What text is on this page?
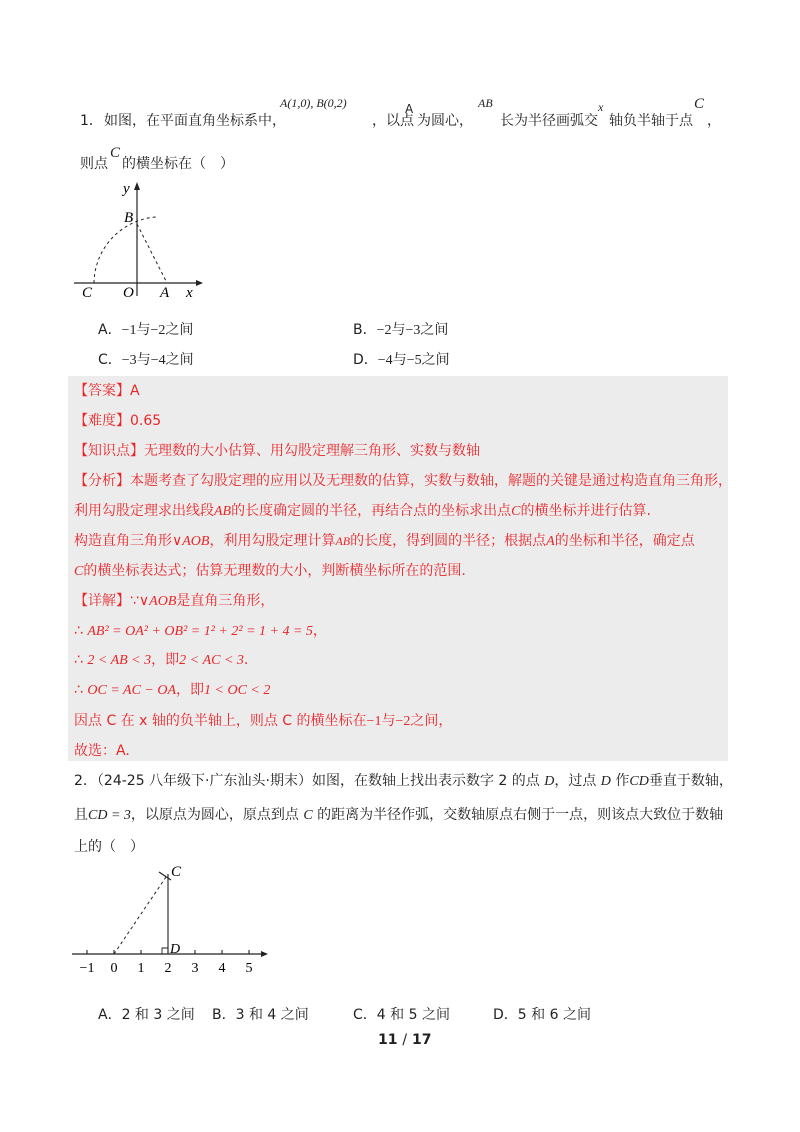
1． 如图，在平面直角坐标系中，
A(1,0), B(0,2)
，以点
A
为圆心，
AB
长为半径画弧交
x
轴负半轴于点
C
，
则点
C
的横坐标在（　）
y
B
C O A x
A．−1与−2之间	B．−2与−3之间
C．−3与−4之间	D．−4与−5之间
【答案】A
【难度】0.65
【知识点】无理数的大小估算、用勾股定理解三角形、实数与数轴
【分析】本题考查了勾股定理的应用以及无理数的估算，实数与数轴，解题的关键是通过构造直角三角形，
利用勾股定理求出线段AB的长度确定圆的半径，再结合点的坐标求出点C的横坐标并进行估算.
构造直角三角形∨AOB，利用勾股定理计算AB的长度，得到圆的半径；根据点A的坐标和半径，确定点
C的横坐标表达式；估算无理数的大小，判断横坐标所在的范围.
【详解】∵∨AOB是直角三角形，
∴ AB² = OA² + OB² = 1² + 2² = 1 + 4 = 5，
∴ 2 < AB < 3，即2 < AC < 3.
∴ OC = AC − OA，即1 < OC < 2
因点 C 在 x 轴的负半轴上，则点 C 的横坐标在−1与−2之间，
故选：A.
2．（24-25 八年级下·广东汕头·期末）如图，在数轴上找出表示数字 2 的点 D，过点 D 作CD垂直于数轴，
且CD = 3，以原点为圆心，原点到点 C 的距离为半径作弧，交数轴原点右侧于一点，则该点大致位于数轴
上的（　）
C
D
−1 0 1 2 3 4 5
A．2 和 3 之间 B．3 和 4 之间	C．4 和 5 之间	D．5 和 6 之间
11 / 17
